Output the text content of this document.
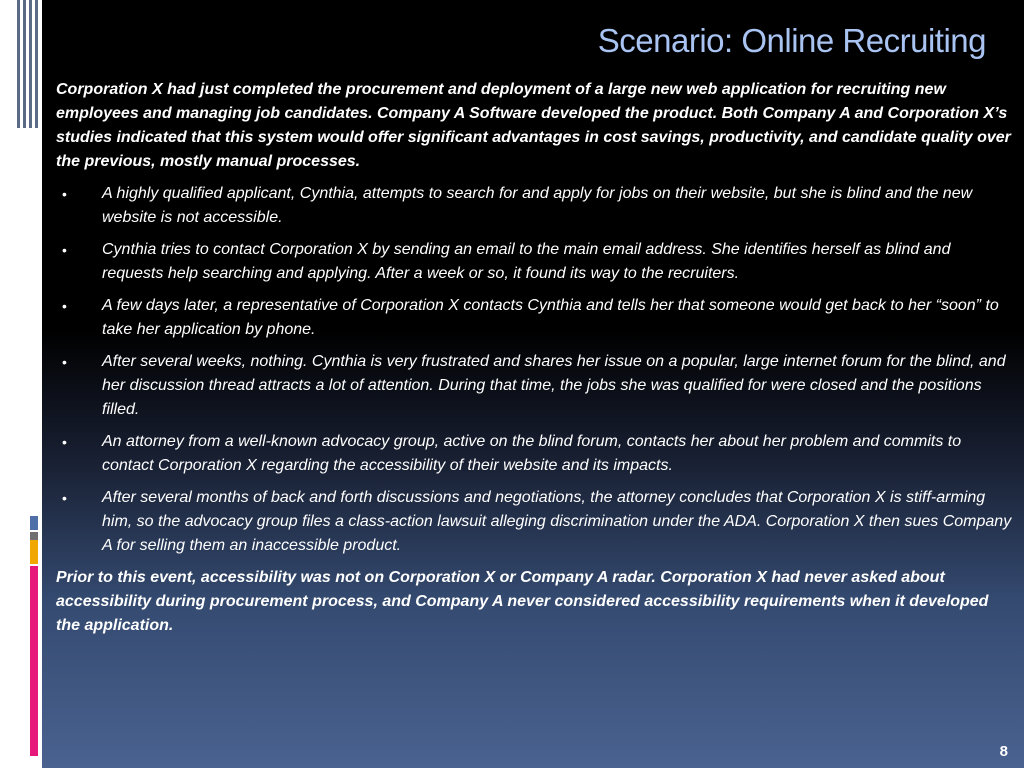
Scenario: Online Recruiting

Corporation X had just completed the procurement and deployment of a large new web application for recruiting new employees and managing job candidates. Company A Software developed the product. Both Company A and Corporation X’s studies indicated that this system would offer significant advantages in cost savings, productivity, and candidate quality over the previous, mostly manual processes.

• A highly qualified applicant, Cynthia, attempts to search for and apply for jobs on their website, but she is blind and the new website is not accessible.
• Cynthia tries to contact Corporation X by sending an email to the main email address. She identifies herself as blind and requests help searching and applying. After a week or so, it found its way to the recruiters.
• A few days later, a representative of Corporation X contacts Cynthia and tells her that someone would get back to her “soon” to take her application by phone.
• After several weeks, nothing. Cynthia is very frustrated and shares her issue on a popular, large internet forum for the blind, and her discussion thread attracts a lot of attention. During that time, the jobs she was qualified for were closed and the positions filled.
• An attorney from a well-known advocacy group, active on the blind forum, contacts her about her problem and commits to contact Corporation X regarding the accessibility of their website and its impacts.
• After several months of back and forth discussions and negotiations, the attorney concludes that Corporation X is stiff-arming him, so the advocacy group files a class-action lawsuit alleging discrimination under the ADA. Corporation X then sues Company A for selling them an inaccessible product.

Prior to this event, accessibility was not on Corporation X or Company A radar. Corporation X had never asked about accessibility during procurement process, and Company A never considered accessibility requirements when it developed the application.

8
